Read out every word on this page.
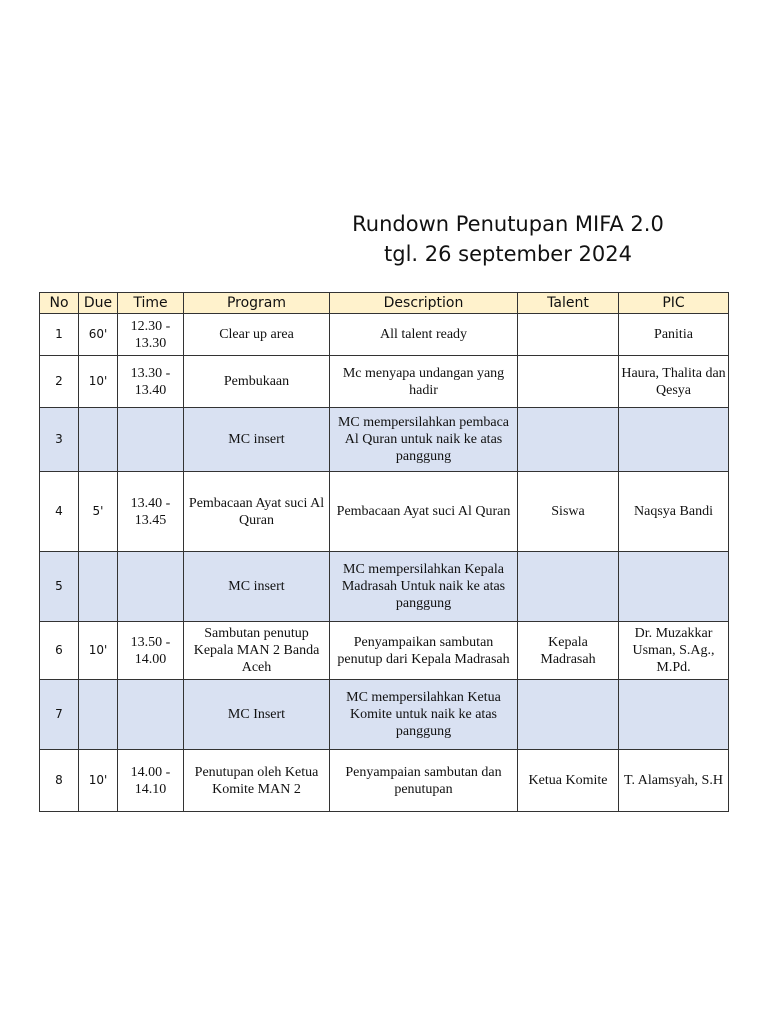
Rundown Penutupan MIFA 2.0
tgl. 26 september 2024
No	Due	Time	Program	Description	Talent	PIC
1	60'	12.30 - 13.30	Clear up area	All talent ready		Panitia
2	10'	13.30 - 13.40	Pembukaan	Mc menyapa undangan yang hadir		Haura, Thalita dan Qesya
3			MC insert	MC mempersilahkan pembaca Al Quran untuk naik ke atas panggung		
4	5'	13.40 - 13.45	Pembacaan Ayat suci Al Quran	Pembacaan Ayat suci Al Quran	Siswa	Naqsya Bandi
5			MC insert	MC mempersilahkan Kepala Madrasah Untuk naik ke atas panggung		
6	10'	13.50 - 14.00	Sambutan penutup Kepala MAN 2 Banda Aceh	Penyampaikan sambutan penutup dari Kepala Madrasah	Kepala Madrasah	Dr. Muzakkar Usman, S.Ag., M.Pd.
7			MC Insert	MC mempersilahkan Ketua Komite untuk naik ke atas panggung		
8	10'	14.00 - 14.10	Penutupan oleh Ketua Komite MAN 2	Penyampaian sambutan dan penutupan	Ketua Komite	T. Alamsyah, S.H
